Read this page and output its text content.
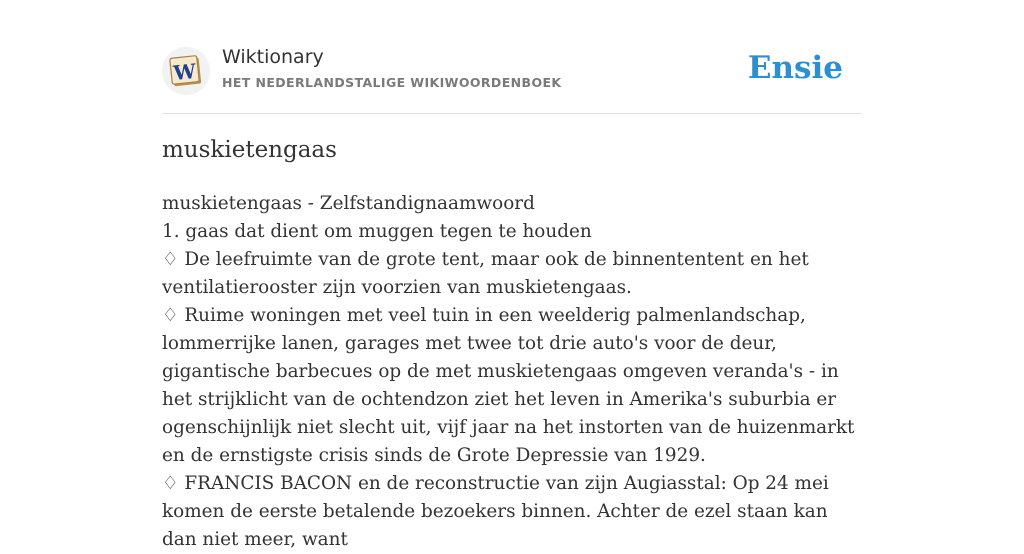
W
Wiktionary
HET NEDERLANDSTALIGE WIKIWOORDENBOEK	Ensie
muskietengaas

muskietengaas - Zelfstandignaamwoord

1. gaas dat dient om muggen tegen te houden

♢ De leefruimte van de grote tent, maar ook de binnententent en het ventilatierooster zijn voorzien van muskietengaas.

♢ Ruime woningen met veel tuin in een weelderig palmenlandschap, lommerrijke lanen, garages met twee tot drie auto's voor de deur, gigantische barbecues op de met muskietengaas omgeven veranda's - in het strijklicht van de ochtendzon ziet het leven in Amerika's suburbia er ogenschijnlijk niet slecht uit, vijf jaar na het instorten van de huizenmarkt en de ernstigste crisis sinds de Grote Depressie van 1929.

♢ FRANCIS BACON en de reconstructie van zijn Augiasstal: Op 24 mei komen de eerste betalende bezoekers binnen. Achter de ezel staan kan dan niet meer, want
